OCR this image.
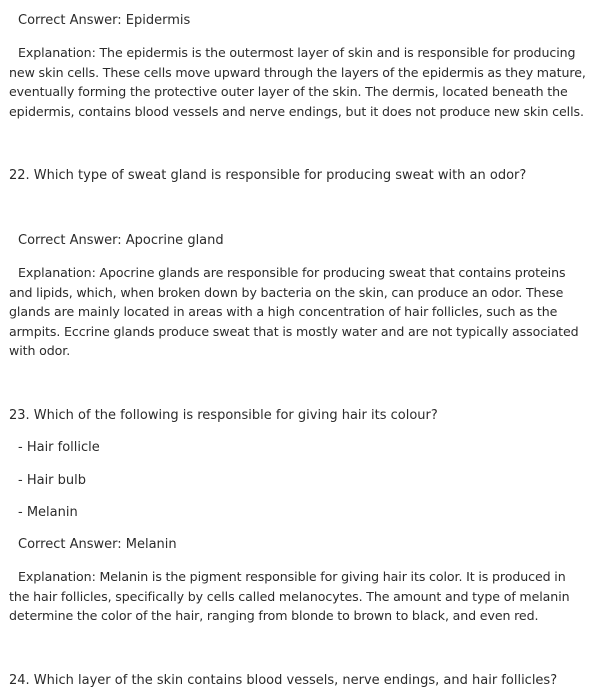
Correct Answer: Epidermis
Explanation: The epidermis is the outermost layer of skin and is responsible for producing new skin cells. These cells move upward through the layers of the epidermis as they mature, eventually forming the protective outer layer of the skin. The dermis, located beneath the epidermis, contains blood vessels and nerve endings, but it does not produce new skin cells.
22. Which type of sweat gland is responsible for producing sweat with an odor?
Correct Answer: Apocrine gland
Explanation: Apocrine glands are responsible for producing sweat that contains proteins and lipids, which, when broken down by bacteria on the skin, can produce an odor. These glands are mainly located in areas with a high concentration of hair follicles, such as the armpits. Eccrine glands produce sweat that is mostly water and are not typically associated with odor.
23. Which of the following is responsible for giving hair its colour?
- Hair follicle
- Hair bulb
- Melanin
Correct Answer: Melanin
Explanation: Melanin is the pigment responsible for giving hair its color. It is produced in the hair follicles, specifically by cells called melanocytes. The amount and type of melanin determine the color of the hair, ranging from blonde to brown to black, and even red.
24. Which layer of the skin contains blood vessels, nerve endings, and hair follicles?
